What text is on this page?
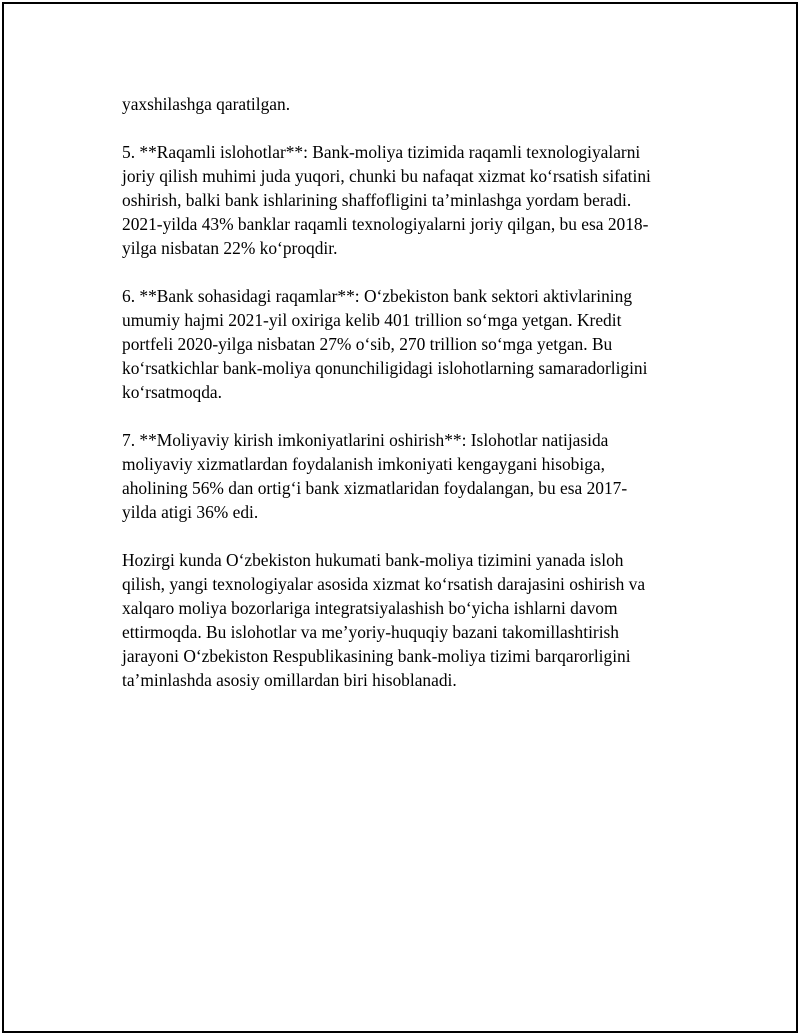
yaxshilashga qaratilgan.

5. **Raqamli islohotlar**: Bank-moliya tizimida raqamli texnologiyalarni
joriy qilish muhimi juda yuqori, chunki bu nafaqat xizmat ko‘rsatish sifatini
oshirish, balki bank ishlarining shaffofligini ta’minlashga yordam beradi.
2021-yilda 43% banklar raqamli texnologiyalarni joriy qilgan, bu esa 2018-
yilga nisbatan 22% ko‘proqdir.

6. **Bank sohasidagi raqamlar**: O‘zbekiston bank sektori aktivlarining
umumiy hajmi 2021-yil oxiriga kelib 401 trillion so‘mga yetgan. Kredit
portfeli 2020-yilga nisbatan 27% o‘sib, 270 trillion so‘mga yetgan. Bu
ko‘rsatkichlar bank-moliya qonunchiligidagi islohotlarning samaradorligini
ko‘rsatmoqda.

7. **Moliyaviy kirish imkoniyatlarini oshirish**: Islohotlar natijasida
moliyaviy xizmatlardan foydalanish imkoniyati kengaygani hisobiga,
aholining 56% dan ortig‘i bank xizmatlaridan foydalangan, bu esa 2017-
yilda atigi 36% edi.

Hozirgi kunda O‘zbekiston hukumati bank-moliya tizimini yanada isloh
qilish, yangi texnologiyalar asosida xizmat ko‘rsatish darajasini oshirish va
xalqaro moliya bozorlariga integratsiyalashish bo‘yicha ishlarni davom
ettirmoqda. Bu islohotlar va me’yoriy-huquqiy bazani takomillashtirish
jarayoni O‘zbekiston Respublikasining bank-moliya tizimi barqarorligini
ta’minlashda asosiy omillardan biri hisoblanadi.
